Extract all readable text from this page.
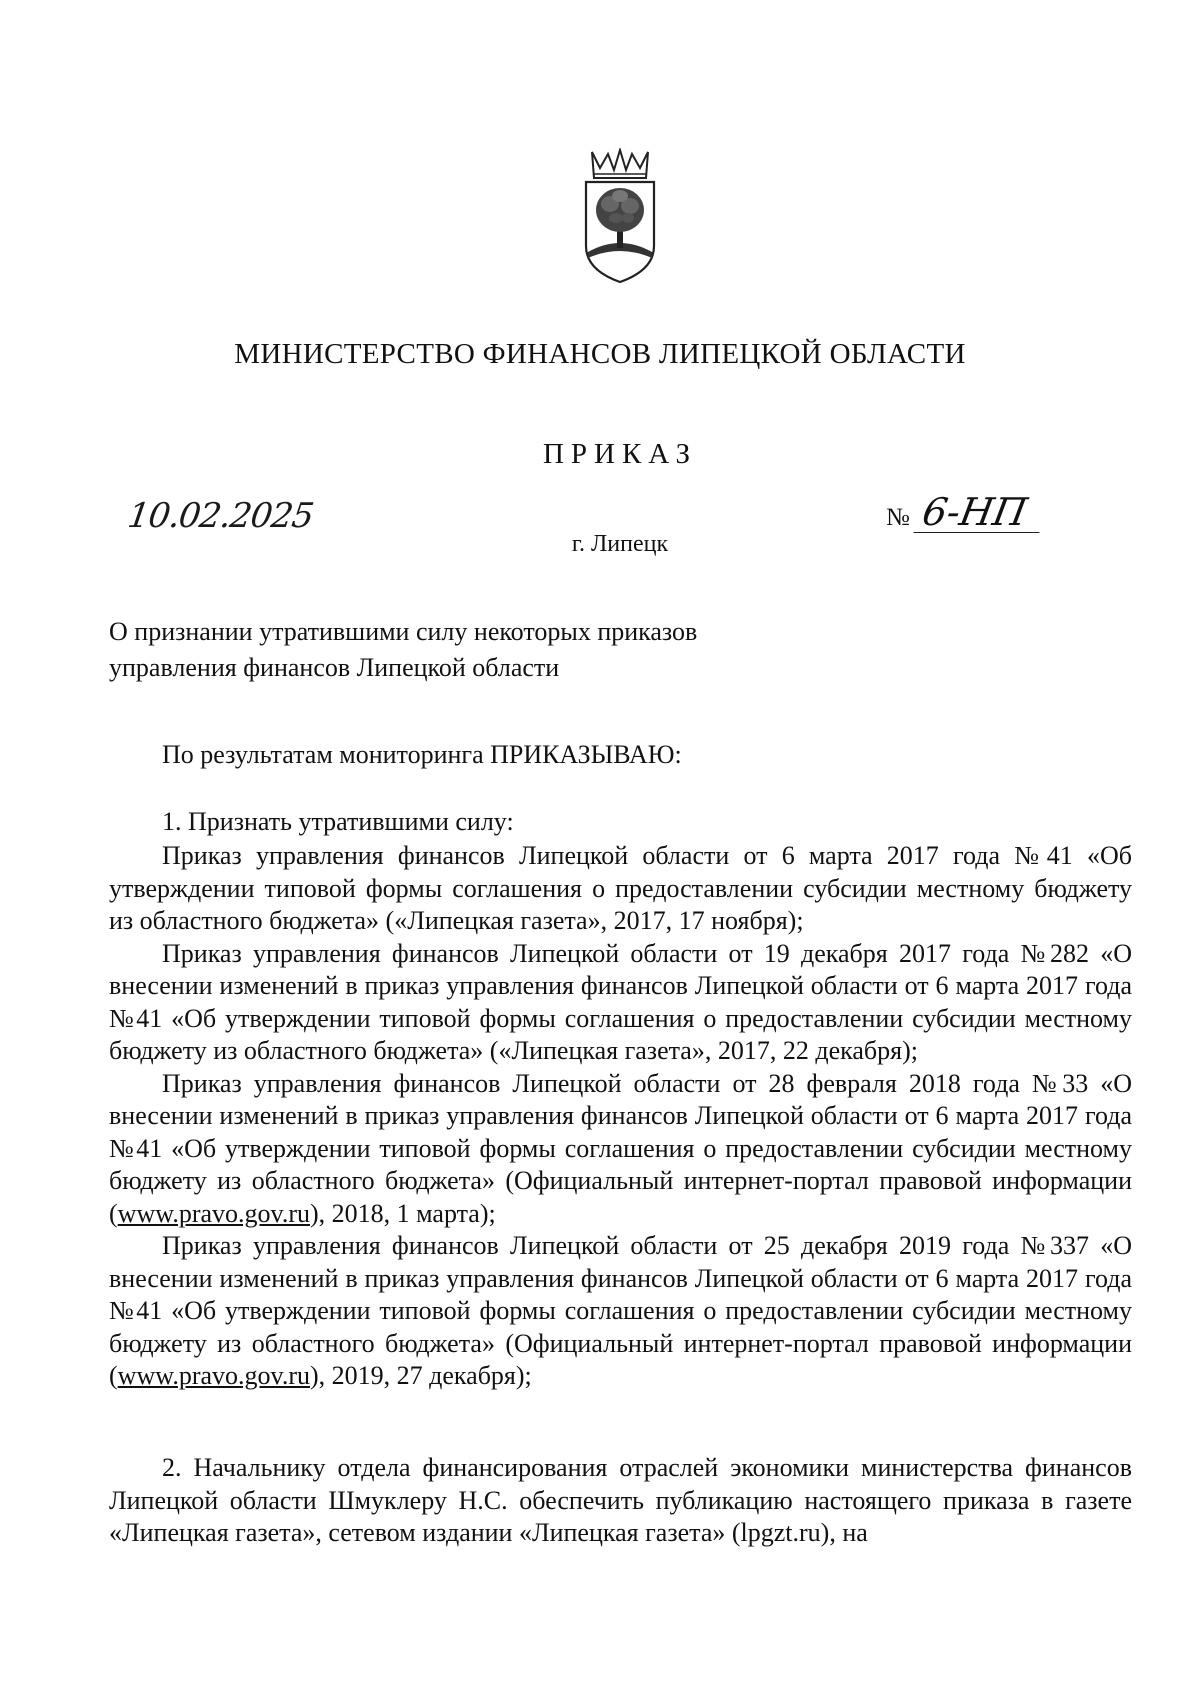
МИНИСТЕРСТВО ФИНАНСОВ ЛИПЕЦКОЙ ОБЛАСТИ
ПРИКАЗ
10.02.2025	№ 6-НП
г. Липецк
О признании утратившими силу некоторых приказов
управления финансов Липецкой области
По результатам мониторинга ПРИКАЗЫВАЮ:
1. Признать утратившими силу:

Приказ управления финансов Липецкой области от 6 марта 2017 года №41 «Об утверждении типовой формы соглашения о предоставлении субсидии местному бюджету из областного бюджета» («Липецкая газета», 2017, 17 ноября);

Приказ управления финансов Липецкой области от 19 декабря 2017 года №282 «О внесении изменений в приказ управления финансов Липецкой области от 6 марта 2017 года №41 «Об утверждении типовой формы соглашения о предоставлении субсидии местному бюджету из областного бюджета» («Липецкая газета», 2017, 22 декабря);

Приказ управления финансов Липецкой области от 28 февраля 2018 года №33 «О внесении изменений в приказ управления финансов Липецкой области от 6 марта 2017 года №41 «Об утверждении типовой формы соглашения о предоставлении субсидии местному бюджету из областного бюджета» (Официальный интернет-портал правовой информации (www.pravo.gov.ru), 2018, 1 марта);

Приказ управления финансов Липецкой области от 25 декабря 2019 года №337 «О внесении изменений в приказ управления финансов Липецкой области от 6 марта 2017 года №41 «Об утверждении типовой формы соглашения о предоставлении субсидии местному бюджету из областного бюджета» (Официальный интернет-портал правовой информации (www.pravo.gov.ru), 2019, 27 декабря);

2. Начальнику отдела финансирования отраслей экономики министерства финансов Липецкой области Шмуклеру Н.С. обеспечить публикацию настоящего приказа в газете «Липецкая газета», сетевом издании «Липецкая газета» (lpgzt.ru), на
